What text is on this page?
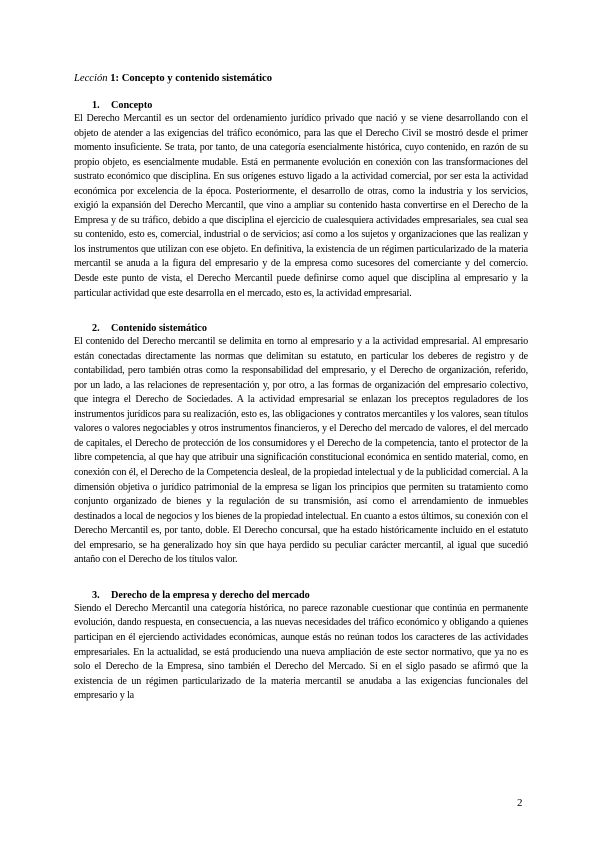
Lección 1: Concepto y contenido sistemático

1. Concepto

El Derecho Mercantil es un sector del ordenamiento jurídico privado que nació y se viene desarrollando con el objeto de atender a las exigencias del tráfico económico, para las que el Derecho Civil se mostró desde el primer momento insuficiente. Se trata, por tanto, de una categoría esencialmente histórica, cuyo contenido, en razón de su propio objeto, es esencialmente mudable. Está en permanente evolución en conexión con las transformaciones del sustrato económico que disciplina. En sus orígenes estuvo ligado a la actividad comercial, por ser esta la actividad económica por excelencia de la época. Posteriormente, el desarrollo de otras, como la industria y los servicios, exigió la expansión del Derecho Mercantil, que vino a ampliar su contenido hasta convertirse en el Derecho de la Empresa y de su tráfico, debido a que disciplina el ejercicio de cualesquiera actividades empresariales, sea cual sea su contenido, esto es, comercial, industrial o de servicios; así como a los sujetos y organizaciones que las realizan y los instrumentos que utilizan con ese objeto. En definitiva, la existencia de un régimen particularizado de la materia mercantil se anuda a la figura del empresario y de la empresa como sucesores del comerciante y del comercio. Desde este punto de vista, el Derecho Mercantil puede definirse como aquel que disciplina al empresario y la particular actividad que este desarrolla en el mercado, esto es, la actividad empresarial.

2. Contenido sistemático

El contenido del Derecho mercantil se delimita en torno al empresario y a la actividad empresarial. Al empresario están conectadas directamente las normas que delimitan su estatuto, en particular los deberes de registro y de contabilidad, pero también otras como la responsabilidad del empresario, y el Derecho de organización, referido, por un lado, a las relaciones de representación y, por otro, a las formas de organización del empresario colectivo, que integra el Derecho de Sociedades. A la actividad empresarial se enlazan los preceptos reguladores de los instrumentos jurídicos para su realización, esto es, las obligaciones y contratos mercantiles y los valores, sean títulos valores o valores negociables y otros instrumentos financieros, y el Derecho del mercado de valores, el del mercado de capitales, el Derecho de protección de los consumidores y el Derecho de la competencia, tanto el protector de la libre competencia, al que hay que atribuir una significación constitucional económica en sentido material, como, en conexión con él, el Derecho de la Competencia desleal, de la propiedad intelectual y de la publicidad comercial. A la dimensión objetiva o jurídico patrimonial de la empresa se ligan los principios que permiten su tratamiento como conjunto organizado de bienes y la regulación de su transmisión, así como el arrendamiento de inmuebles destinados a local de negocios y los bienes de la propiedad intelectual. En cuanto a estos últimos, su conexión con el Derecho Mercantil es, por tanto, doble. El Derecho concursal, que ha estado históricamente incluido en el estatuto del empresario, se ha generalizado hoy sin que haya perdido su peculiar carácter mercantil, al igual que sucedió antaño con el Derecho de los títulos valor.

3. Derecho de la empresa y derecho del mercado

Siendo el Derecho Mercantil una categoría histórica, no parece razonable cuestionar que continúa en permanente evolución, dando respuesta, en consecuencia, a las nuevas necesidades del tráfico económico y obligando a quienes participan en él ejerciendo actividades económicas, aunque estás no reúnan todos los caracteres de las actividades empresariales. En la actualidad, se está produciendo una nueva ampliación de este sector normativo, que ya no es solo el Derecho de la Empresa, sino también el Derecho del Mercado. Si en el siglo pasado se afirmó que la existencia de un régimen particularizado de la materia mercantil se anudaba a las exigencias funcionales del empresario y la

2
